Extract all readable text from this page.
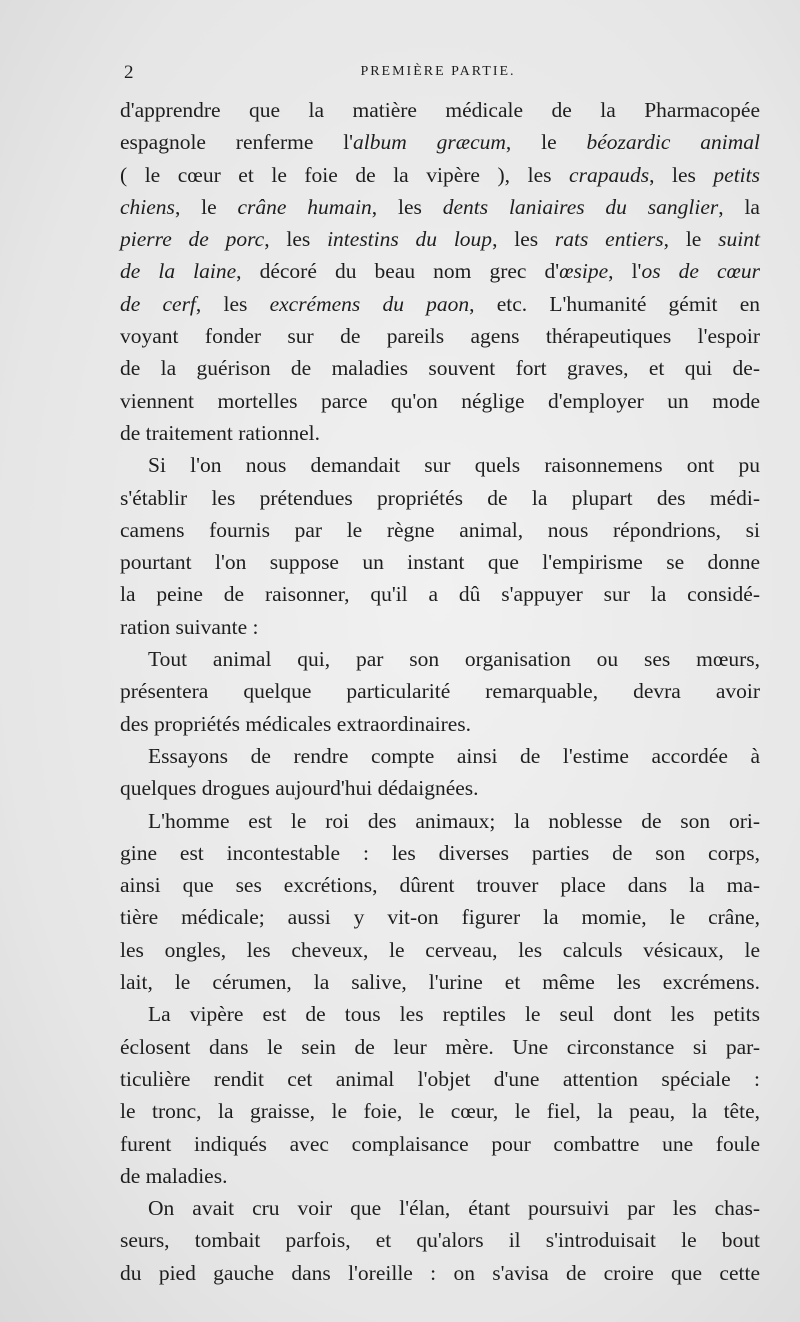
2	PREMIÈRE PARTIE.
d'apprendre que la matière médicale de la Pharmacopée
espagnole renferme l'album græcum, le béozardic animal
( le cœur et le foie de la vipère ), les crapauds, les petits
chiens, le crâne humain, les dents laniaires du sanglier, la
pierre de porc, les intestins du loup, les rats entiers, le suint
de la laine, décoré du beau nom grec d'œsipe, l'os de cœur
de cerf, les excrémens du paon, etc. L'humanité gémit en
voyant fonder sur de pareils agens thérapeutiques l'espoir
de la guérison de maladies souvent fort graves, et qui de-
viennent mortelles parce qu'on néglige d'employer un mode
de traitement rationnel.
Si l'on nous demandait sur quels raisonnemens ont pu
s'établir les prétendues propriétés de la plupart des médi-
camens fournis par le règne animal, nous répondrions, si
pourtant l'on suppose un instant que l'empirisme se donne
la peine de raisonner, qu'il a dû s'appuyer sur la considé-
ration suivante :
Tout animal qui, par son organisation ou ses mœurs,
présentera quelque particularité remarquable, devra avoir
des propriétés médicales extraordinaires.
Essayons de rendre compte ainsi de l'estime accordée à
quelques drogues aujourd'hui dédaignées.
L'homme est le roi des animaux; la noblesse de son ori-
gine est incontestable : les diverses parties de son corps,
ainsi que ses excrétions, dûrent trouver place dans la ma-
tière médicale; aussi y vit-on figurer la momie, le crâne,
les ongles, les cheveux, le cerveau, les calculs vésicaux, le
lait, le cérumen, la salive, l'urine et même les excrémens.
La vipère est de tous les reptiles le seul dont les petits
éclosent dans le sein de leur mère. Une circonstance si par-
ticulière rendit cet animal l'objet d'une attention spéciale :
le tronc, la graisse, le foie, le cœur, le fiel, la peau, la tête,
furent indiqués avec complaisance pour combattre une foule
de maladies.
On avait cru voir que l'élan, étant poursuivi par les chas-
seurs, tombait parfois, et qu'alors il s'introduisait le bout
du pied gauche dans l'oreille : on s'avisa de croire que cette
